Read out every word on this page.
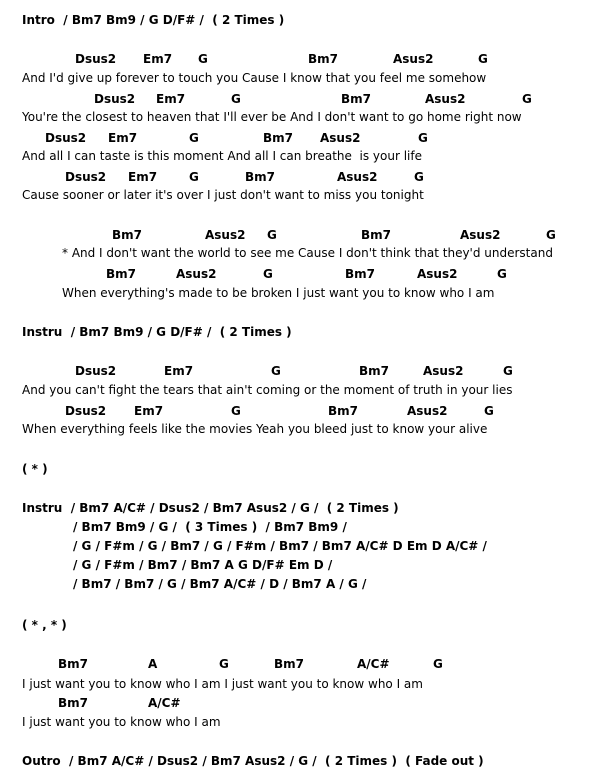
Intro  / Bm7 Bm9 / G D/F# /  ( 2 Times )
Dsus2 Em7 G	Bm7	Asus2	G
And I'd give up forever to touch you Cause I know that you feel me somehow
Dsus2 Em7	G	Bm7	Asus2	G
You're the closest to heaven that I'll ever be And I don't want to go home right now
Dsus2 Em7	G	Bm7 Asus2	G
And all I can taste is this moment And all I can breathe  is your life
Dsus2 Em7	G	Bm7	Asus2	G
Cause sooner or later it's over I just don't want to miss you tonight
Bm7	Asus2 G	Bm7	Asus2	G
* And I don't want the world to see me Cause I don't think that they'd understand
Bm7	Asus2	G	Bm7	Asus2	G
When everything's made to be broken I just want you to know who I am
Instru  / Bm7 Bm9 / G D/F# /  ( 2 Times )
Dsus2	Em7	G	Bm7	Asus2	G
And you can't fight the tears that ain't coming or the moment of truth in your lies
Dsus2 Em7	G	Bm7	Asus2	G
When everything feels like the movies Yeah you bleed just to know your alive
( * )
Instru  / Bm7 A/C# / Dsus2 / Bm7 Asus2 / G /  ( 2 Times )
/ Bm7 Bm9 / G /  ( 3 Times )  / Bm7 Bm9 /
/ G / F#m / G / Bm7 / G / F#m / Bm7 / Bm7 A/C# D Em D A/C# /
/ G / F#m / Bm7 / Bm7 A G D/F# Em D /
/ Bm7 / Bm7 / G / Bm7 A/C# / D / Bm7 A / G /
( * , * )
Bm7	A	G	Bm7	A/C#	G
I just want you to know who I am I just want you to know who I am
Bm7	A/C#
I just want you to know who I am
Outro  / Bm7 A/C# / Dsus2 / Bm7 Asus2 / G /  ( 2 Times )  ( Fade out )
